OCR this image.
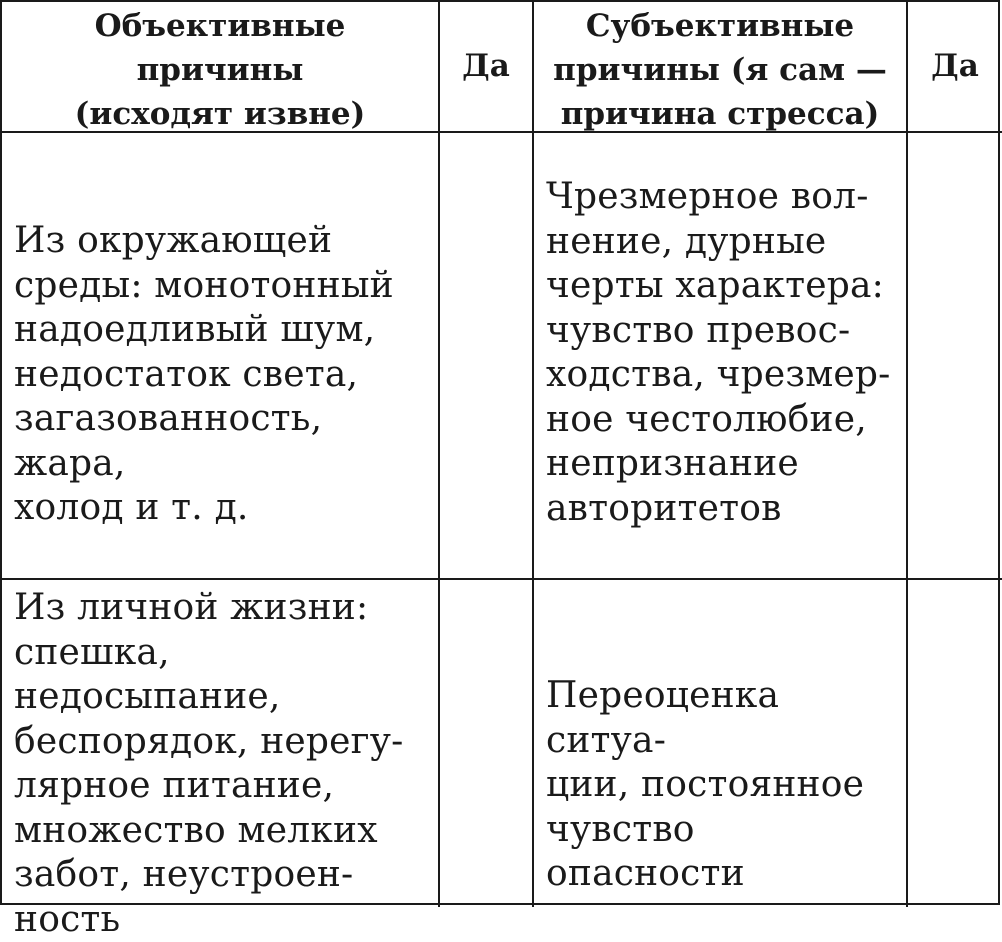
Объективные
причины
(исходят извне)
Да
Субъективные
причины (я сам —
причина стресса)
Да
Из окружающей
среды: монотонный
надоедливый шум,
недостаток света,
загазованность, жара,
холод и т. д.
Чрезмерное вол-
нение, дурные
черты характера:
чувство превос-
ходства, чрезмер-
ное честолюбие,
непризнание
авторитетов
Из личной жизни:
спешка, недосыпание,
беспорядок, нерегу-
лярное питание,
множество мелких
забот, неустроен-
ность
Переоценка ситуа-
ции, постоянное
чувство опасности
